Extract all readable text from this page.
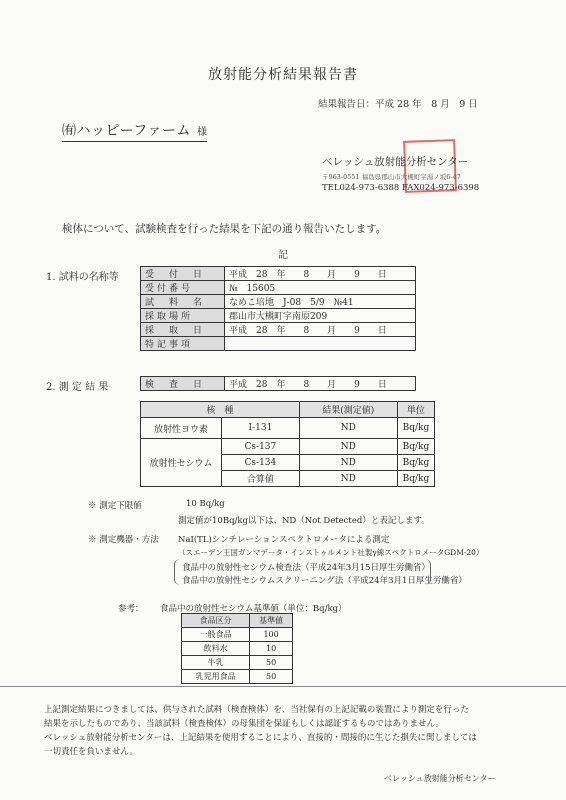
放射能分析結果報告書
結果報告日：平成 28 年　8 月　9 日
㈲ハッピーファーム 様
ベレッシュ放射能分析センター
〒963-0551 福島県郡山市大槻町字湯ノ坂6-47
TEL024-973-6388 FAX024-973-6398
検体について、試験検査を行った結果を下記の通り報告いたします。
記
1. 試料の名称等	受　付　日	平成　28　年　　8　　月　　9　　日
受付番号	№　15605
試　料　名	なめこ培地　J-08　5/9　№41
採取場所	郡山市大槻町字南原209
採　取　日	平成　28　年　　8　　月　　9　　日
特記事項	
2. 測 定 結 果	検　査　日	平成　28　年　　8　　月　　9　　日
核　種		結果(測定値)	単位
放射性ヨウ素	I-131	ND	Bq/kg
放射性セシウム	Cs-137	ND	Bq/kg
	Cs-134	ND	Bq/kg
	合算値	ND	Bq/kg
※ 測定下限値	10 Bq/kg
測定値が10Bq/kg以下は、ND（Not Detected）と表記します。
※ 測定機器・方法 NaI(TL)シンチレーションスペクトロメータによる測定
（スエーデン王国ガンマデータ・インストゥルメント社製γ線スペクトロメータGDM-20）
食品中の放射性セシウム検査法（平成24年3月15日厚生労働省）
食品中の放射性セシウムスクリーニング法（平成24年3月1日厚生労働省）
参考： 食品中の放射性セシウム基準値（単位：Bq/kg）
食品区分	基準値
一般食品	100
飲料水	10
牛乳	50
乳児用食品	50
上記測定結果につきましては、供与された試料（検査検体）を、当社保有の上記記載の装置により測定を行った
結果を示したものであり、当該試料（検査検体）の母集団を保証もしくは認証するものではありません。
ベレッシュ放射能分析センターは、上記結果を使用することにより、直接的・間接的に生じた損失に関しましては
一切責任を負いません。
ベレッシュ放射能分析センター
